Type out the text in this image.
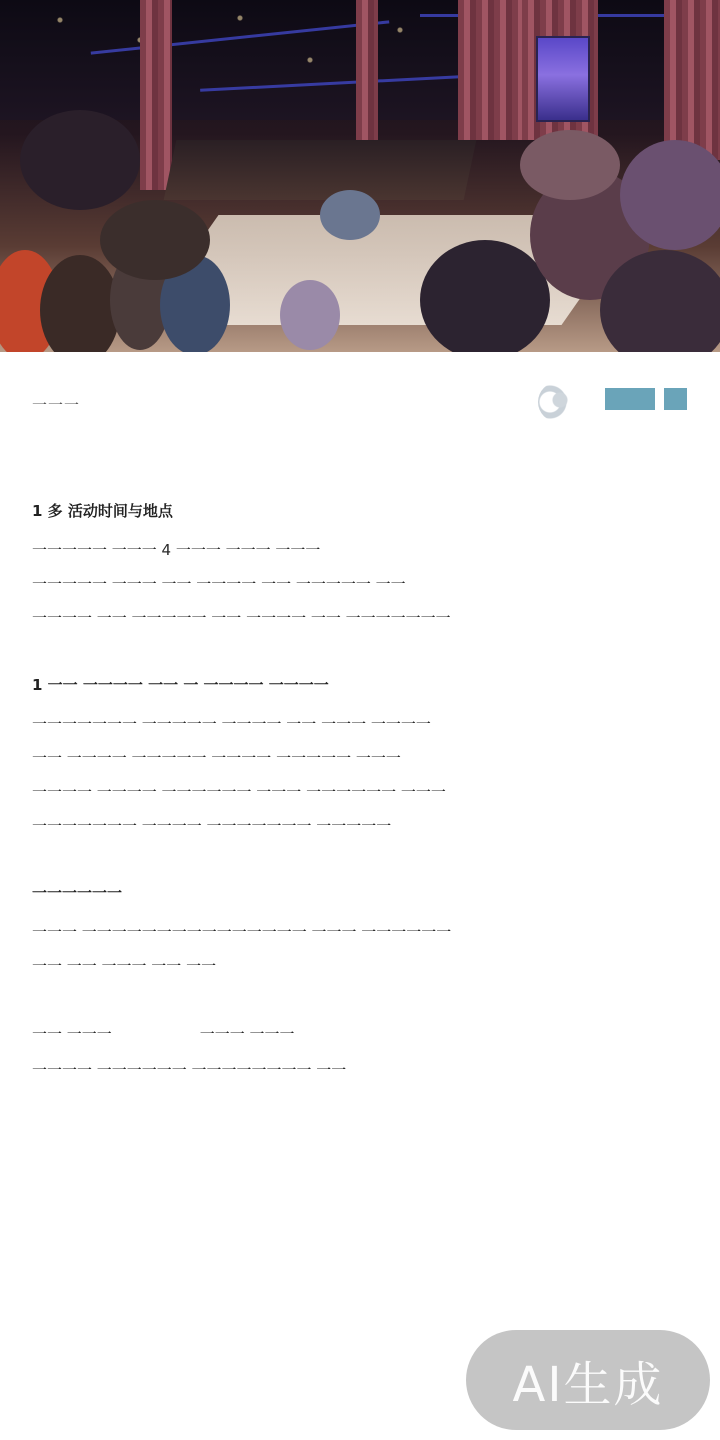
一一一
1 多 活动时间与地点

一一一一一 一一一 4 一一一 一一一 一一一

一一一一一 一一一 一一 一一一一 一一 一一一一一 一一

一一一一 一一 一一一一一 一一 一一一一 一一 一一一一一一一

1 一一 一一一一 一一 一 一一一一 一一一一

一一一一一一一 一一一一一 一一一一 一一 一一一 一一一一

一一 一一一一 一一一一一 一一一一 一一一一一 一一一

一一一一 一一一一 一一一一一一 一一一 一一一一一一 一一一

一一一一一一一 一一一一 一一一一一一一 一一一一一

一一一一一一

一一一 一一一一一一一一一一一一一一一 一一一 一一一一一一

一一 一一 一一一 一一 一一

一一 一一一	一一一 一一一
一一一一 一一一一一一 一一一一一一一一 一一
AI生成
